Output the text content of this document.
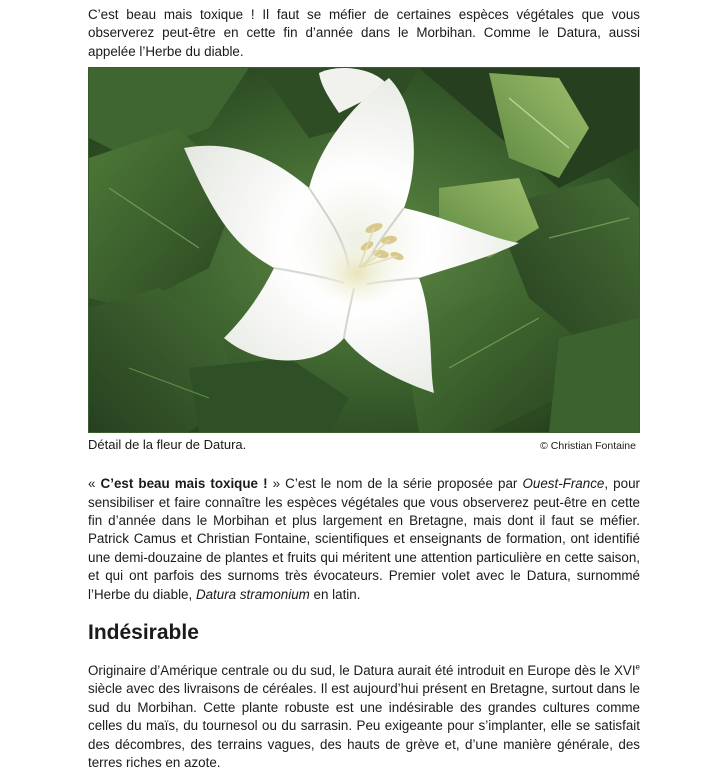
C’est beau mais toxique ! Il faut se méfier de certaines espèces végétales que vous observerez peut-être en cette fin d’année dans le Morbihan. Comme le Datura, aussi appelée l’Herbe du diable.

Détail de la fleur de Datura.	© Christian Fontaine

« C’est beau mais toxique ! » C’est le nom de la série proposée par Ouest-France, pour sensibiliser et faire connaître les espèces végétales que vous observerez peut-être en cette fin d’année dans le Morbihan et plus largement en Bretagne, mais dont il faut se méfier. Patrick Camus et Christian Fontaine, scientifiques et enseignants de formation, ont identifié une demi-douzaine de plantes et fruits qui méritent une attention particulière en cette saison, et qui ont parfois des surnoms très évocateurs. Premier volet avec le Datura, surnommé l’Herbe du diable, Datura stramonium en latin.

Indésirable

Originaire d’Amérique centrale ou du sud, le Datura aurait été introduit en Europe dès le XVIe siècle avec des livraisons de céréales. Il est aujourd’hui présent en Bretagne, surtout dans le sud du Morbihan. Cette plante robuste est une indésirable des grandes cultures comme celles du maïs, du tournesol ou du sarrasin. Peu exigeante pour s’implanter, elle se satisfait des décombres, des terrains vagues, des hauts de grève et, d’une manière générale, des terres riches en azote.
